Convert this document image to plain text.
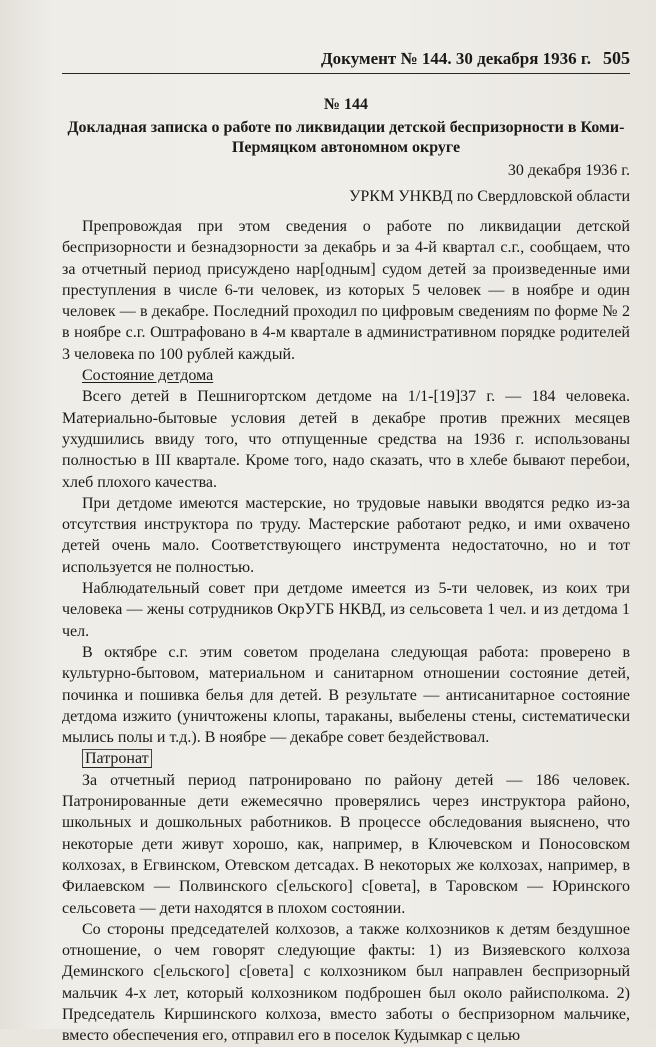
Документ № 144. 30 декабря 1936 г. 505
№ 144
Докладная записка о работе по ликвидации детской беспризорности в Коми-Пермяцком автономном округе
30 декабря 1936 г.
УРКМ УНКВД по Свердловской области

Препровождая при этом сведения о работе по ликвидации детской беспризорности и безнадзорности за декабрь и за 4-й квартал с.г., сообщаем, что за отчетный период присуждено нар[одным] судом детей за произведенные ими преступления в числе 6-ти человек, из которых 5 человек — в ноябре и один человек — в декабре. Последний проходил по цифровым сведениям по форме № 2 в ноябре с.г. Оштрафовано в 4-м квартале в административном порядке родителей 3 человека по 100 рублей каждый.

Состояние детдома

Всего детей в Пешнигортском детдоме на 1/1-[19]37 г. — 184 человека. Материально-бытовые условия детей в декабре против прежних месяцев ухудшились ввиду того, что отпущенные средства на 1936 г. использованы полностью в III квартале. Кроме того, надо сказать, что в хлебе бывают перебои, хлеб плохого качества.

При детдоме имеются мастерские, но трудовые навыки вводятся редко из-за отсутствия инструктора по труду. Мастерские работают редко, и ими охвачено детей очень мало. Соответствующего инструмента недостаточно, но и тот используется не полностью.

Наблюдательный совет при детдоме имеется из 5-ти человек, из коих три человека — жены сотрудников ОкрУГБ НКВД, из сельсовета 1 чел. и из детдома 1 чел.

В октябре с.г. этим советом проделана следующая работа: проверено в культурно-бытовом, материальном и санитарном отношении состояние детей, починка и пошивка белья для детей. В результате — антисанитарное состояние детдома изжито (уничтожены клопы, тараканы, выбелены стены, систематически мылись полы и т.д.). В ноябре — декабре совет бездействовал.

Патронат

За отчетный период патронировано по району детей — 186 человек. Патронированные дети ежемесячно проверялись через инструктора районо, школьных и дошкольных работников. В процессе обследования выяснено, что некоторые дети живут хорошо, как, например, в Ключевском и Поносовском колхозах, в Егвинском, Отевском детсадах. В некоторых же колхозах, например, в Филаевском — Полвинского с[ельского] с[овета], в Таровском — Юринского сельсовета — дети находятся в плохом состоянии.

Со стороны председателей колхозов, а также колхозников к детям бездушное отношение, о чем говорят следующие факты: 1) из Визяевского колхоза Деминского с[ельского] с[овета] с колхозником был направлен беспризорный мальчик 4-х лет, который колхозником подброшен был около райисполкома. 2) Председатель Киршинского колхоза, вместо заботы о беспризорном мальчике, вместо обеспечения его, отправил его в поселок Кудымкар с целью
